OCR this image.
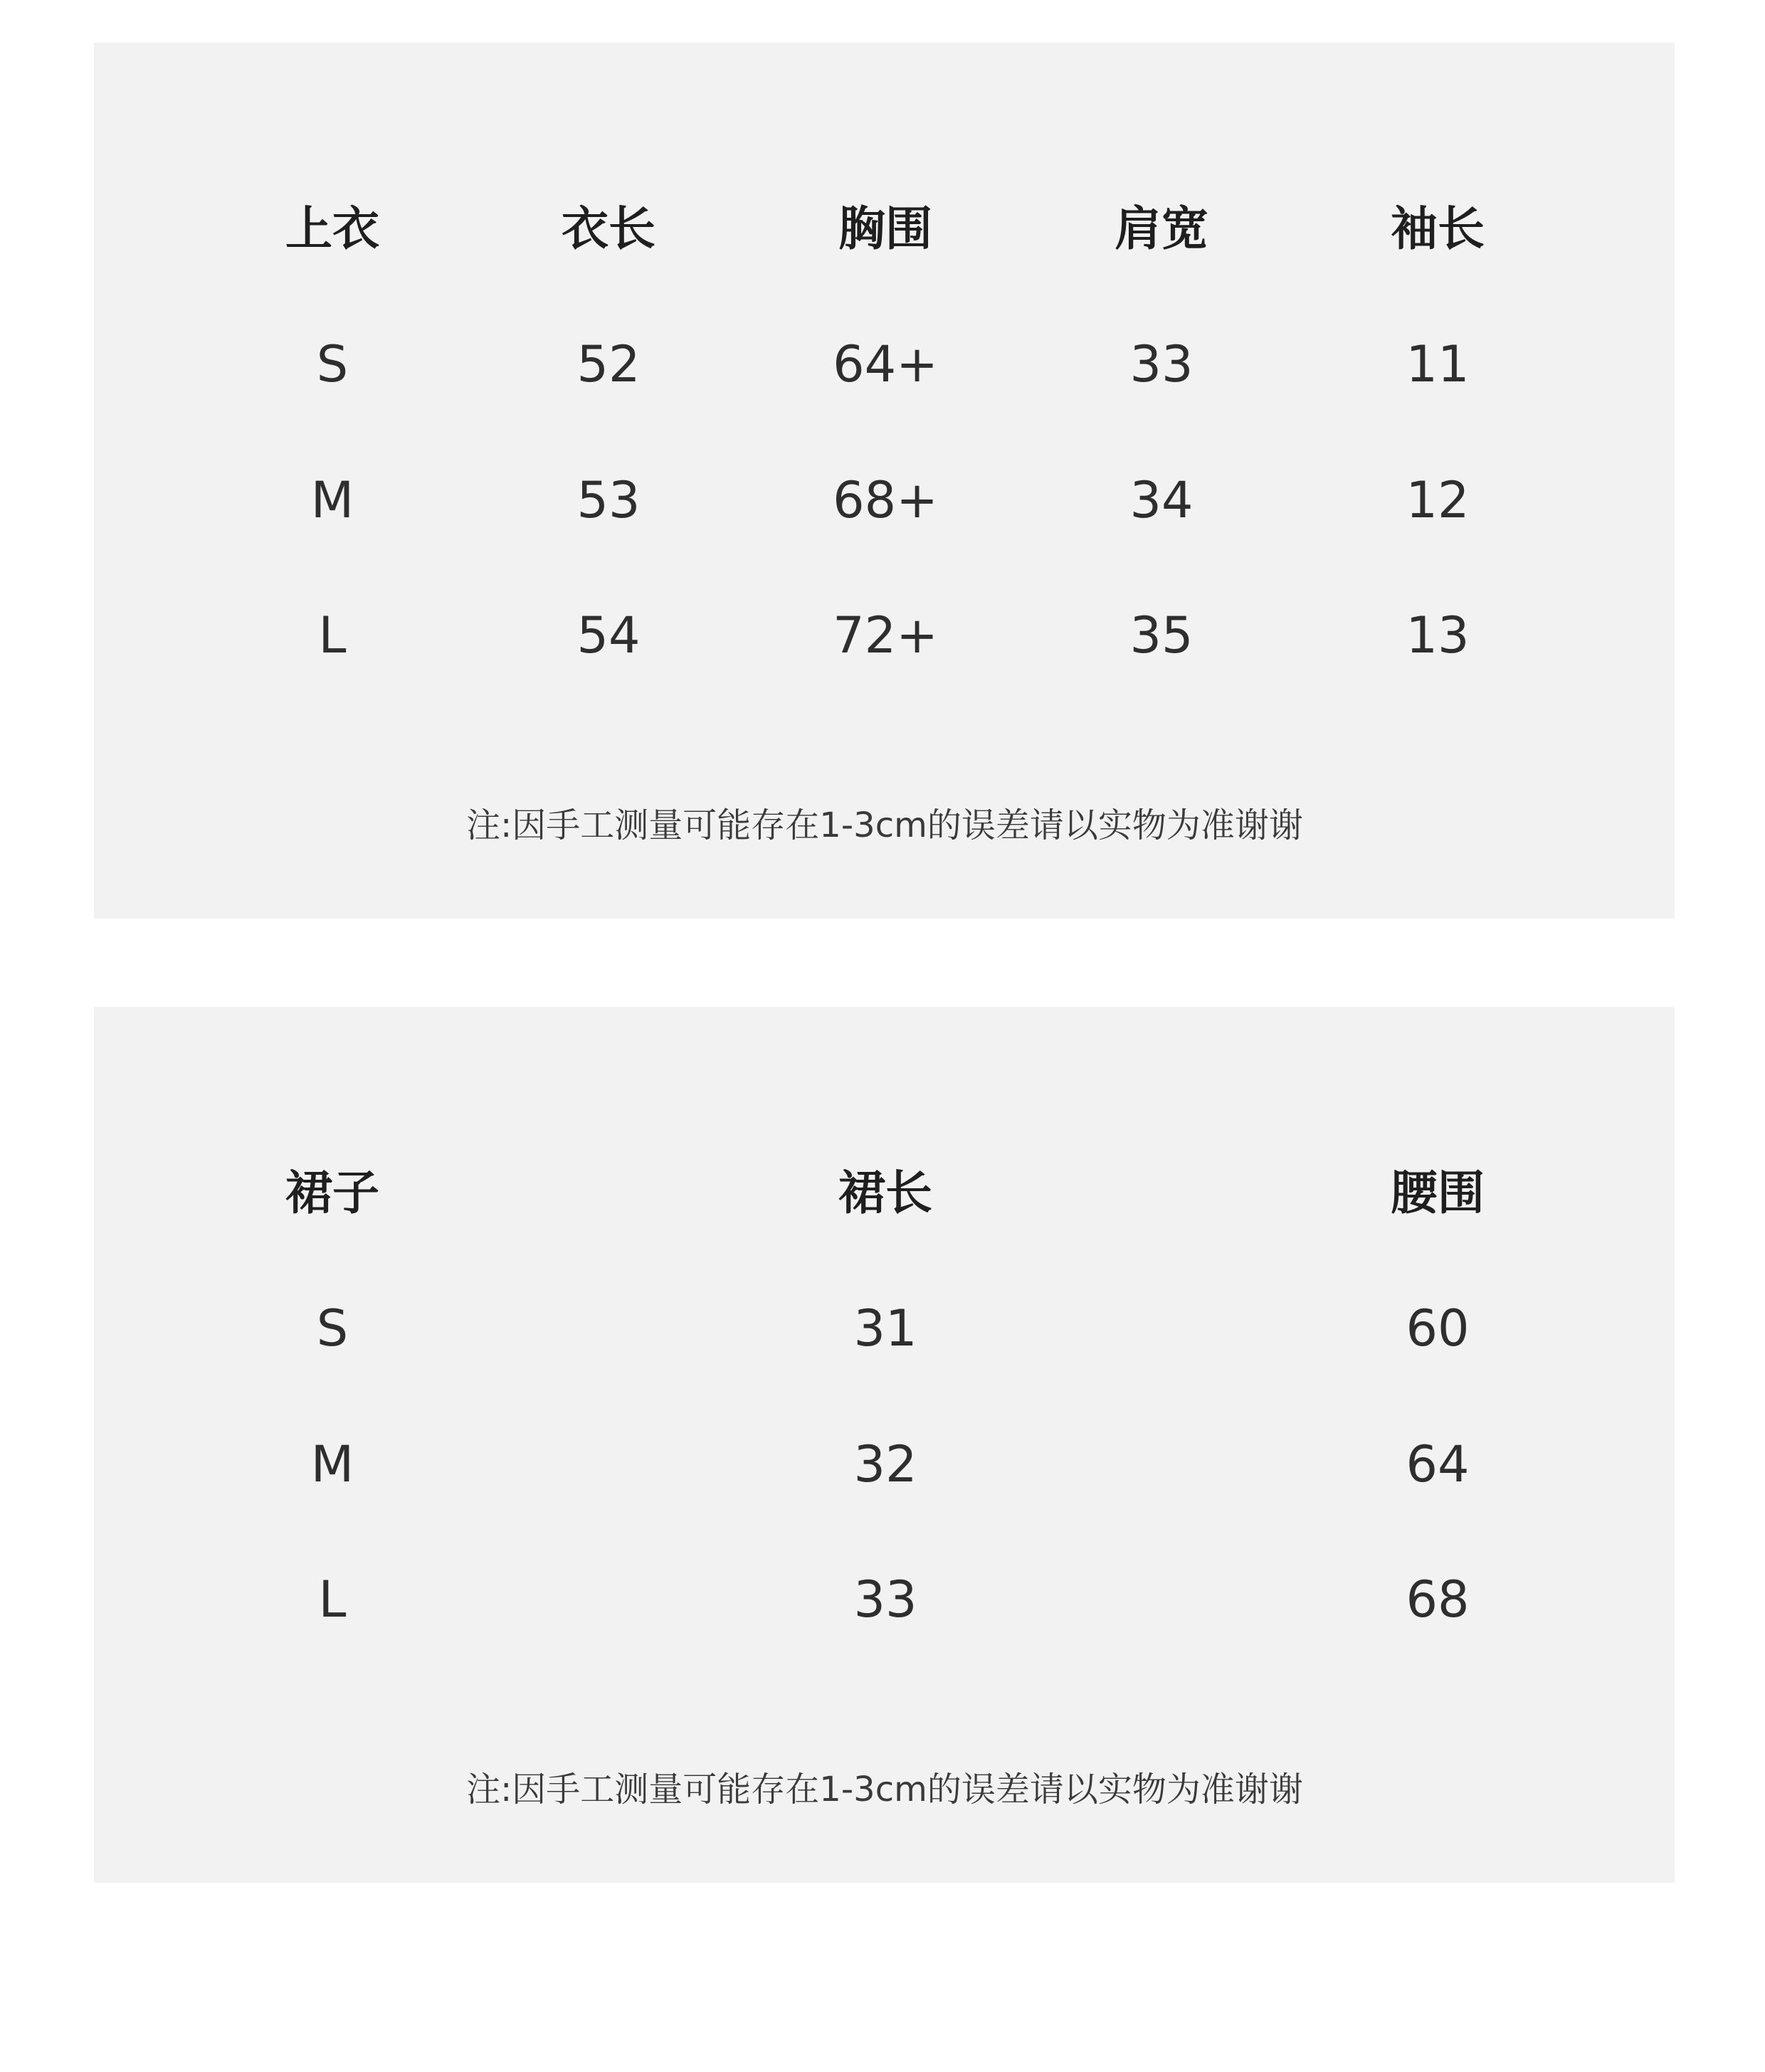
上衣	衣长	胸围	肩宽	袖长
S	52	64+	33	11
M	53	68+	34	12
L	54	72+	35	13
注:因手工测量可能存在1-3cm的误差请以实物为准谢谢
裙子	裙长	腰围
S	31	60
M	32	64
L	33	68
注:因手工测量可能存在1-3cm的误差请以实物为准谢谢
